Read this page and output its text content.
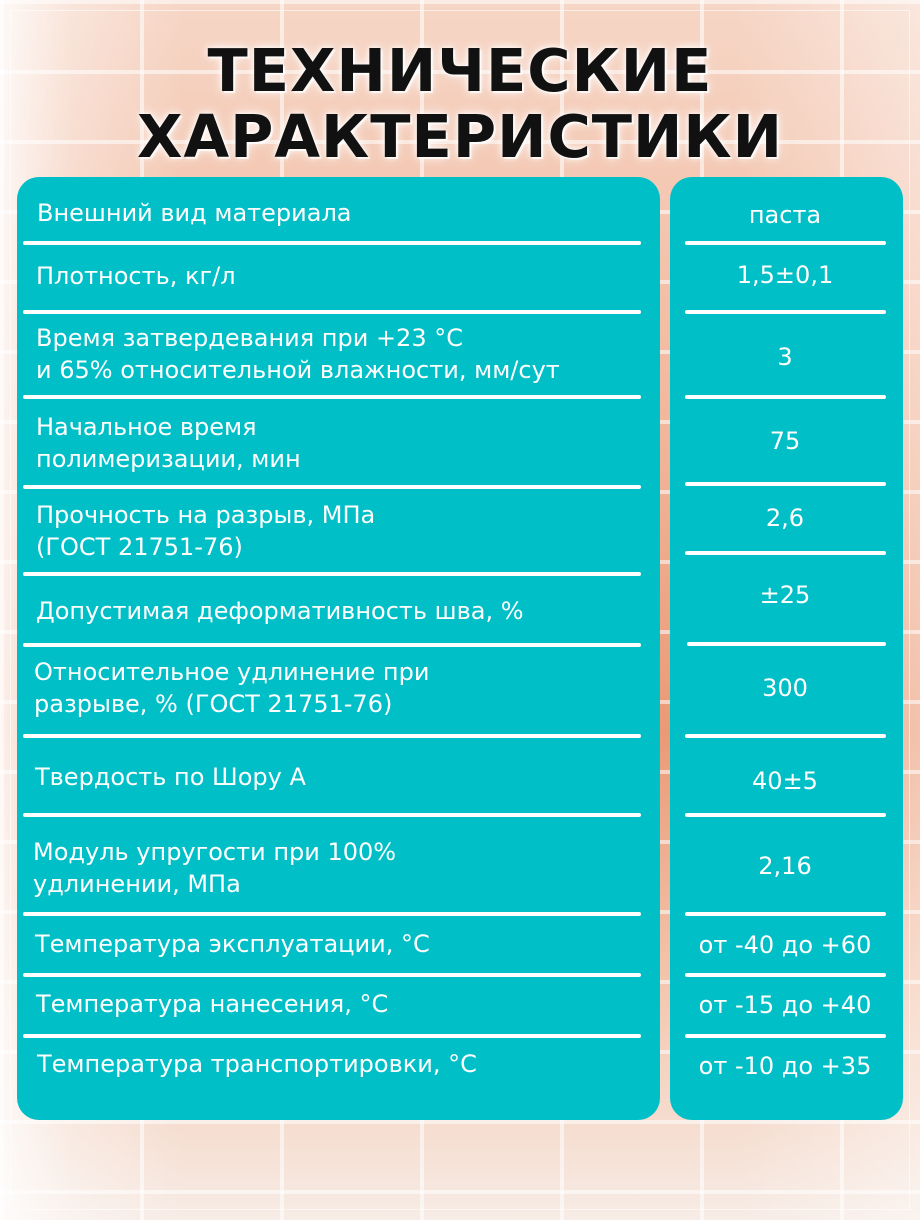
ТЕХНИЧЕСКИЕ
ХАРАКТЕРИСТИКИ
Внешний вид материала
Плотность, кг/л
Время затвердевания при +23 °С
и 65% относительной влажности, мм/сут
Начальное время
полимеризации, мин
Прочность на разрыв, МПа
(ГОСТ 21751-76)
Допустимая деформативность шва, %
Относительное удлинение при
разрыве, % (ГОСТ 21751-76)
Твердость по Шору А
Модуль упругости при 100%
удлинении, МПа
Температура эксплуатации, °С
Температура нанесения, °С
Температура транспортировки, °С
паста
1,5±0,1
3
75
2,6
±25
300
40±5
2,16
от -40 до +60
от -15 до +40
от -10 до +35
